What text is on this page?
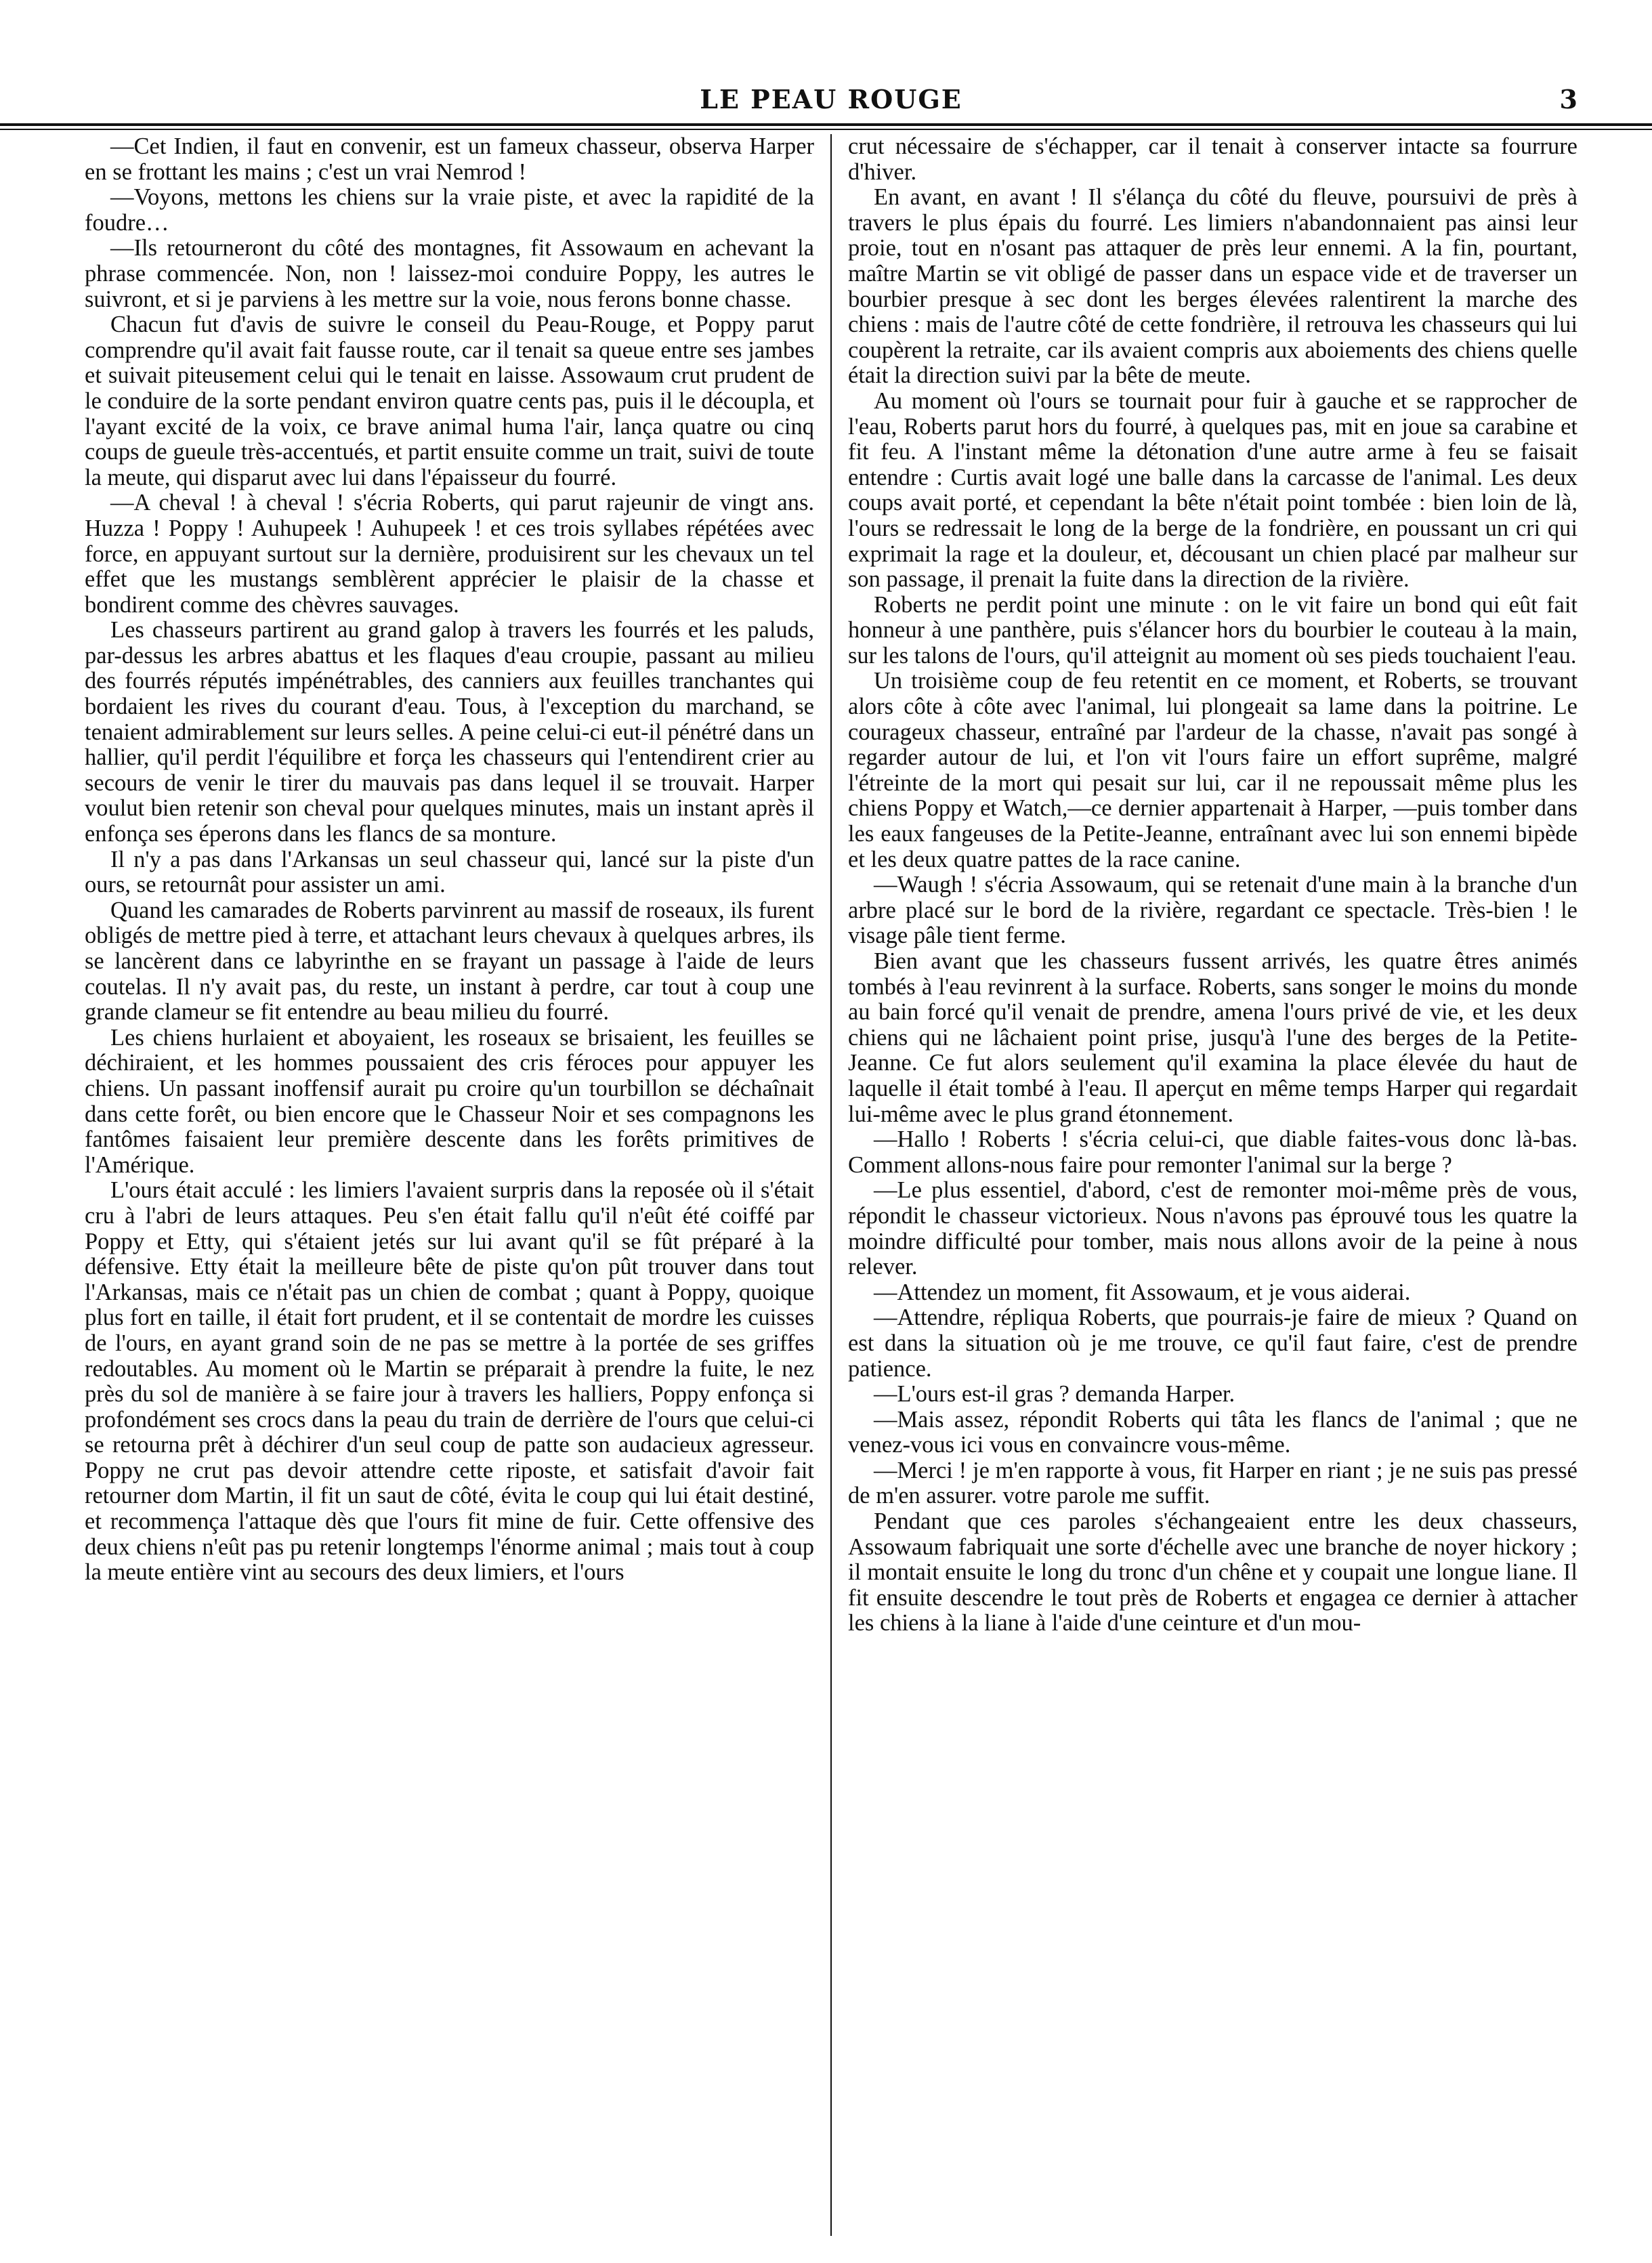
LE PEAU ROUGE	3

—Cet Indien, il faut en convenir, est un fameux chasseur, observa Harper en se frottant les mains ; c'est un vrai Nemrod !

—Voyons, mettons les chiens sur la vraie piste, et avec la rapidité de la foudre…

—Ils retourneront du côté des montagnes, fit Assowaum en achevant la phrase commencée. Non, non ! laissez-moi conduire Poppy, les autres le suivront, et si je parviens à les mettre sur la voie, nous ferons bonne chasse.

Chacun fut d'avis de suivre le conseil du Peau-Rouge, et Poppy parut comprendre qu'il avait fait fausse route, car il tenait sa queue entre ses jambes et suivait piteusement celui qui le tenait en laisse. Assowaum crut prudent de le conduire de la sorte pendant environ quatre cents pas, puis il le découpla, et l'ayant excité de la voix, ce brave animal huma l'air, lança quatre ou cinq coups de gueule très-accentués, et partit ensuite comme un trait, suivi de toute la meute, qui disparut avec lui dans l'épaisseur du fourré.

—A cheval ! à cheval ! s'écria Roberts, qui parut rajeunir de vingt ans. Huzza ! Poppy ! Auhupeek ! Auhupeek ! et ces trois syllabes répétées avec force, en appuyant surtout sur la dernière, produisirent sur les chevaux un tel effet que les mustangs semblèrent apprécier le plaisir de la chasse et bondirent comme des chèvres sauvages.

Les chasseurs partirent au grand galop à travers les fourrés et les paluds, par-dessus les arbres abattus et les flaques d'eau croupie, passant au milieu des fourrés réputés impénétrables, des canniers aux feuilles tranchantes qui bordaient les rives du courant d'eau. Tous, à l'exception du marchand, se tenaient admirablement sur leurs selles. A peine celui-ci eut-il pénétré dans un hallier, qu'il perdit l'équilibre et força les chasseurs qui l'entendirent crier au secours de venir le tirer du mauvais pas dans lequel il se trouvait. Harper voulut bien retenir son cheval pour quelques minutes, mais un instant après il enfonça ses éperons dans les flancs de sa monture.

Il n'y a pas dans l'Arkansas un seul chasseur qui, lancé sur la piste d'un ours, se retournât pour assister un ami.

Quand les camarades de Roberts parvinrent au massif de roseaux, ils furent obligés de mettre pied à terre, et attachant leurs chevaux à quelques arbres, ils se lancèrent dans ce labyrinthe en se frayant un passage à l'aide de leurs coutelas. Il n'y avait pas, du reste, un instant à perdre, car tout à coup une grande clameur se fit entendre au beau milieu du fourré.

Les chiens hurlaient et aboyaient, les roseaux se brisaient, les feuilles se déchiraient, et les hommes poussaient des cris féroces pour appuyer les chiens. Un passant inoffensif aurait pu croire qu'un tourbillon se déchaînait dans cette forêt, ou bien encore que le Chasseur Noir et ses compagnons les fantômes faisaient leur première descente dans les forêts primitives de l'Amérique.

L'ours était acculé : les limiers l'avaient surpris dans la reposée où il s'était cru à l'abri de leurs attaques. Peu s'en était fallu qu'il n'eût été coiffé par Poppy et Etty, qui s'étaient jetés sur lui avant qu'il se fût préparé à la défensive. Etty était la meilleure bête de piste qu'on pût trouver dans tout l'Arkansas, mais ce n'était pas un chien de combat ; quant à Poppy, quoique plus fort en taille, il était fort prudent, et il se contentait de mordre les cuisses de l'ours, en ayant grand soin de ne pas se mettre à la portée de ses griffes redoutables. Au moment où le Martin se préparait à prendre la fuite, le nez près du sol de manière à se faire jour à travers les halliers, Poppy enfonça si profondément ses crocs dans la peau du train de derrière de l'ours que celui-ci se retourna prêt à déchirer d'un seul coup de patte son audacieux agresseur. Poppy ne crut pas devoir attendre cette riposte, et satisfait d'avoir fait retourner dom Martin, il fit un saut de côté, évita le coup qui lui était destiné, et recommença l'attaque dès que l'ours fit mine de fuir. Cette offensive des deux chiens n'eût pas pu retenir longtemps l'énorme animal ; mais tout à coup la meute entière vint au secours des deux limiers, et l'ours

crut nécessaire de s'échapper, car il tenait à conserver intacte sa fourrure d'hiver.

En avant, en avant ! Il s'élança du côté du fleuve, poursuivi de près à travers le plus épais du fourré. Les limiers n'abandonnaient pas ainsi leur proie, tout en n'osant pas attaquer de près leur ennemi. A la fin, pourtant, maître Martin se vit obligé de passer dans un espace vide et de traverser un bourbier presque à sec dont les berges élevées ralentirent la marche des chiens : mais de l'autre côté de cette fondrière, il retrouva les chasseurs qui lui coupèrent la retraite, car ils avaient compris aux aboiements des chiens quelle était la direction suivi par la bête de meute.

Au moment où l'ours se tournait pour fuir à gauche et se rapprocher de l'eau, Roberts parut hors du fourré, à quelques pas, mit en joue sa carabine et fit feu. A l'instant même la détonation d'une autre arme à feu se faisait entendre : Curtis avait logé une balle dans la carcasse de l'animal. Les deux coups avait porté, et cependant la bête n'était point tombée : bien loin de là, l'ours se redressait le long de la berge de la fondrière, en poussant un cri qui exprimait la rage et la douleur, et, décousant un chien placé par malheur sur son passage, il prenait la fuite dans la direction de la rivière.

Roberts ne perdit point une minute : on le vit faire un bond qui eût fait honneur à une panthère, puis s'élancer hors du bourbier le couteau à la main, sur les talons de l'ours, qu'il atteignit au moment où ses pieds touchaient l'eau.

Un troisième coup de feu retentit en ce moment, et Roberts, se trouvant alors côte à côte avec l'animal, lui plongeait sa lame dans la poitrine. Le courageux chasseur, entraîné par l'ardeur de la chasse, n'avait pas songé à regarder autour de lui, et l'on vit l'ours faire un effort suprême, malgré l'étreinte de la mort qui pesait sur lui, car il ne repoussait même plus les chiens Poppy et Watch,—ce dernier appartenait à Harper, —puis tomber dans les eaux fangeuses de la Petite-Jeanne, entraînant avec lui son ennemi bipède et les deux quatre pattes de la race canine.

—Waugh ! s'écria Assowaum, qui se retenait d'une main à la branche d'un arbre placé sur le bord de la rivière, regardant ce spectacle. Très-bien ! le visage pâle tient ferme.

Bien avant que les chasseurs fussent arrivés, les quatre êtres animés tombés à l'eau revinrent à la surface. Roberts, sans songer le moins du monde au bain forcé qu'il venait de prendre, amena l'ours privé de vie, et les deux chiens qui ne lâchaient point prise, jusqu'à l'une des berges de la Petite-Jeanne. Ce fut alors seulement qu'il examina la place élevée du haut de laquelle il était tombé à l'eau. Il aperçut en même temps Harper qui regardait lui-même avec le plus grand étonnement.

—Hallo ! Roberts ! s'écria celui-ci, que diable faites-vous donc là-bas. Comment allons-nous faire pour remonter l'animal sur la berge ?

—Le plus essentiel, d'abord, c'est de remonter moi-même près de vous, répondit le chasseur victorieux. Nous n'avons pas éprouvé tous les quatre la moindre difficulté pour tomber, mais nous allons avoir de la peine à nous relever.

—Attendez un moment, fit Assowaum, et je vous aiderai.

—Attendre, répliqua Roberts, que pourrais-je faire de mieux ? Quand on est dans la situation où je me trouve, ce qu'il faut faire, c'est de prendre patience.

—L'ours est-il gras ? demanda Harper.

—Mais assez, répondit Roberts qui tâta les flancs de l'animal ; que ne venez-vous ici vous en convaincre vous-même.

—Merci ! je m'en rapporte à vous, fit Harper en riant ; je ne suis pas pressé de m'en assurer. votre parole me suffit.

Pendant que ces paroles s'échangeaient entre les deux chasseurs, Assowaum fabriquait une sorte d'échelle avec une branche de noyer hickory ; il montait ensuite le long du tronc d'un chêne et y coupait une longue liane. Il fit ensuite descendre le tout près de Roberts et engagea ce dernier à attacher les chiens à la liane à l'aide d'une ceinture et d'un mou-
